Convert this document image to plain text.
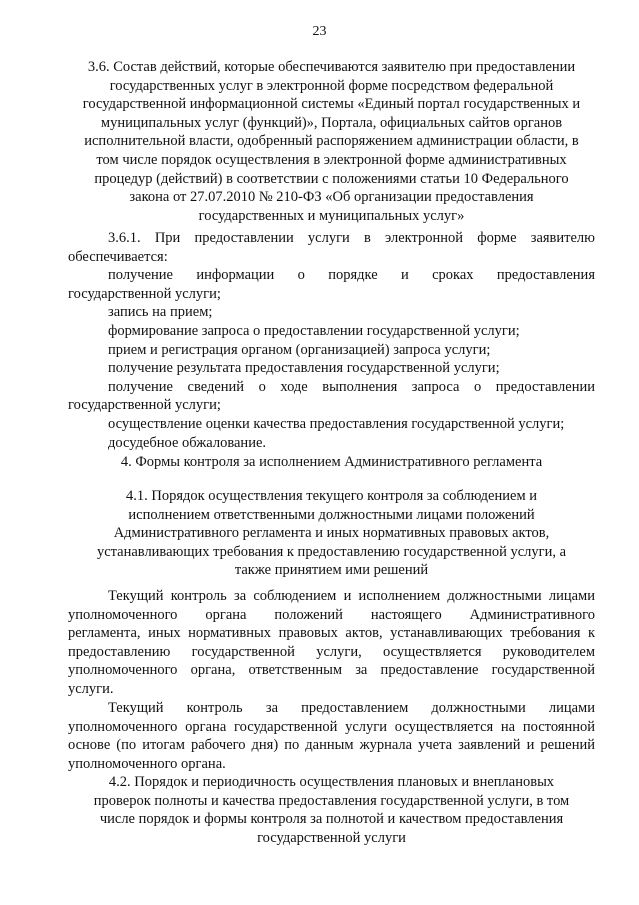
23
3.6. Состав действий, которые обеспечиваются заявителю при предоставлении
государственных услуг в электронной форме посредством федеральной
государственной информационной системы «Единый портал государственных и
муниципальных услуг (функций)», Портала, официальных сайтов органов
исполнительной власти, одобренный распоряжением администрации области, в
том числе порядок осуществления в электронной форме административных
процедур (действий) в соответствии с положениями статьи 10 Федерального
закона от 27.07.2010 № 210-ФЗ «Об организации предоставления
государственных и муниципальных услуг»
3.6.1. При предоставлении услуги в электронной форме заявителю
обеспечивается:
получение информации о порядке и сроках предоставления
государственной услуги;
запись на прием;
формирование запроса о предоставлении государственной услуги;
прием и регистрация органом (организацией) запроса услуги;
получение результата предоставления государственной услуги;
получение сведений о ходе выполнения запроса о предоставлении
государственной услуги;
осуществление оценки качества предоставления государственной услуги;
досудебное обжалование.
4. Формы контроля за исполнением Административного регламента
4.1. Порядок осуществления текущего контроля за соблюдением и
исполнением ответственными должностными лицами положений
Административного регламента и иных нормативных правовых актов,
устанавливающих требования к предоставлению государственной услуги, а
также принятием ими решений
Текущий контроль за соблюдением и исполнением должностными лицами
уполномоченного органа положений настоящего Административного
регламента, иных нормативных правовых актов, устанавливающих требования к
предоставлению государственной услуги, осуществляется руководителем
уполномоченного органа, ответственным за предоставление государственной
услуги.
Текущий контроль за предоставлением должностными лицами
уполномоченного органа государственной услуги осуществляется на постоянной
основе (по итогам рабочего дня) по данным журнала учета заявлений и решений
уполномоченного органа.
4.2. Порядок и периодичность осуществления плановых и внеплановых
проверок полноты и качества предоставления государственной услуги, в том
числе порядок и формы контроля за полнотой и качеством предоставления
государственной услуги
